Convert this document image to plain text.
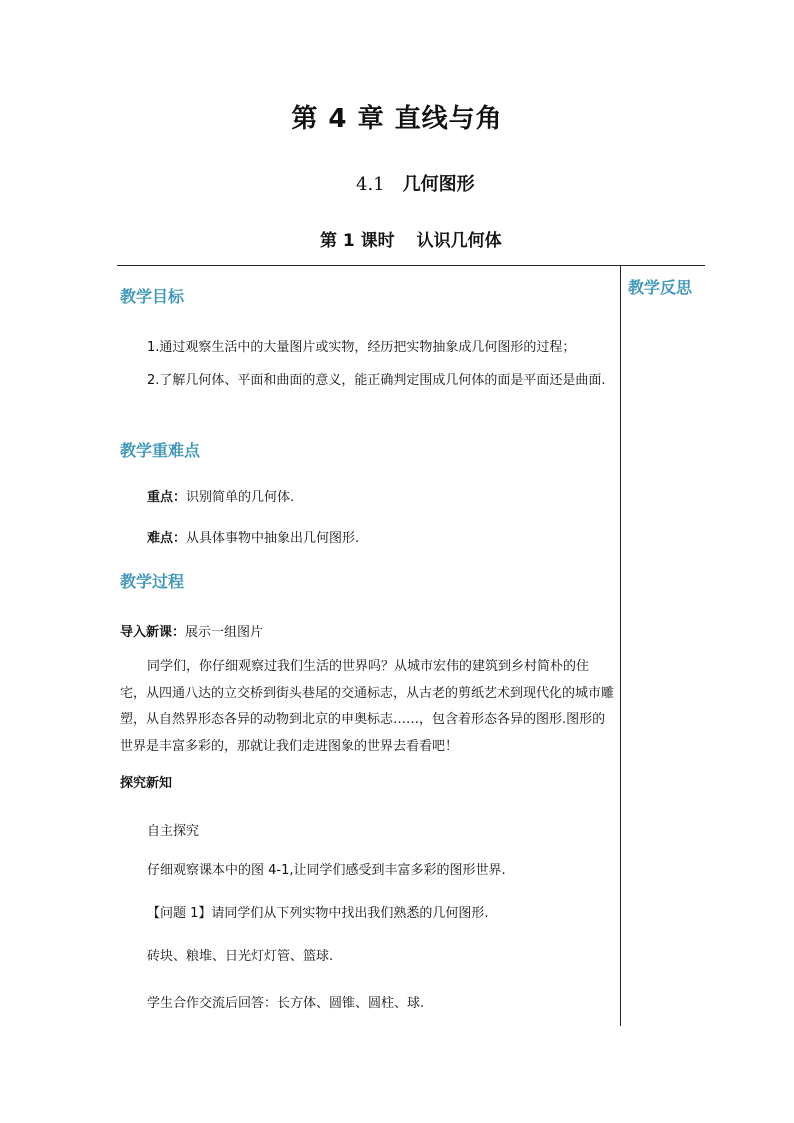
第 4 章 直线与角
4.1 几何图形
第 1 课时 认识几何体
教学反思
教学目标
1.通过观察生活中的大量图片或实物，经历把实物抽象成几何图形的过程；
2.了解几何体、平面和曲面的意义，能正确判定围成几何体的面是平面还是曲面.
教学重难点
重点：识别简单的几何体.
难点：从具体事物中抽象出几何图形.
教学过程
导入新课：展示一组图片
同学们，你仔细观察过我们生活的世界吗？从城市宏伟的建筑到乡村简朴的住宅，从四通八达的立交桥到街头巷尾的交通标志，从古老的剪纸艺术到现代化的城市雕塑，从自然界形态各异的动物到北京的申奥标志……，包含着形态各异的图形.图形的世界是丰富多彩的，那就让我们走进图象的世界去看看吧！
探究新知
自主探究
仔细观察课本中的图 4-1,让同学们感受到丰富多彩的图形世界.
【问题 1】请同学们从下列实物中找出我们熟悉的几何图形.
砖块、粮堆、日光灯灯管、篮球.
学生合作交流后回答：长方体、圆锥、圆柱、球.
